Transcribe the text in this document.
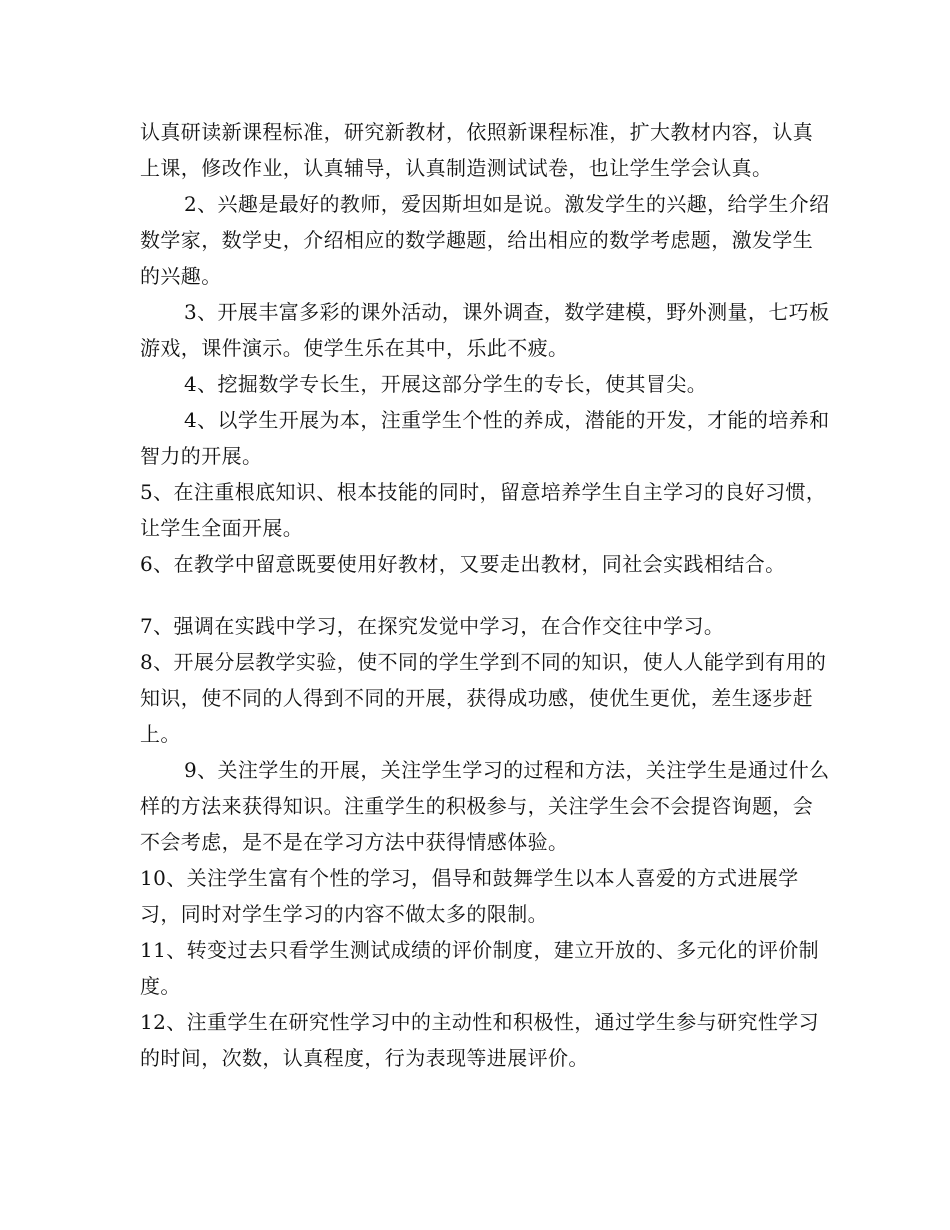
认真研读新课程标准，研究新教材，依照新课程标准，扩大教材内容，认真上课，修改作业，认真辅导，认真制造测试试卷，也让学生学会认真。

2、兴趣是最好的教师，爱因斯坦如是说。激发学生的兴趣，给学生介绍数学家，数学史，介绍相应的数学趣题，给出相应的数学考虑题，激发学生的兴趣。

3、开展丰富多彩的课外活动，课外调查，数学建模，野外测量，七巧板游戏，课件演示。使学生乐在其中，乐此不疲。

4、挖掘数学专长生，开展这部分学生的专长，使其冒尖。

4、以学生开展为本，注重学生个性的养成，潜能的开发，才能的培养和智力的开展。

5、在注重根底知识、根本技能的同时，留意培养学生自主学习的良好习惯，让学生全面开展。

6、在教学中留意既要使用好教材，又要走出教材，同社会实践相结合。

7、强调在实践中学习，在探究发觉中学习，在合作交往中学习。

8、开展分层教学实验，使不同的学生学到不同的知识，使人人能学到有用的知识，使不同的人得到不同的开展，获得成功感，使优生更优，差生逐步赶上。

9、关注学生的开展，关注学生学习的过程和方法，关注学生是通过什么样的方法来获得知识。注重学生的积极参与，关注学生会不会提咨询题，会不会考虑，是不是在学习方法中获得情感体验。

10、关注学生富有个性的学习，倡导和鼓舞学生以本人喜爱的方式进展学习，同时对学生学习的内容不做太多的限制。

11、转变过去只看学生测试成绩的评价制度，建立开放的、多元化的评价制度。

12、注重学生在研究性学习中的主动性和积极性，通过学生参与研究性学习的时间，次数，认真程度，行为表现等进展评价。
